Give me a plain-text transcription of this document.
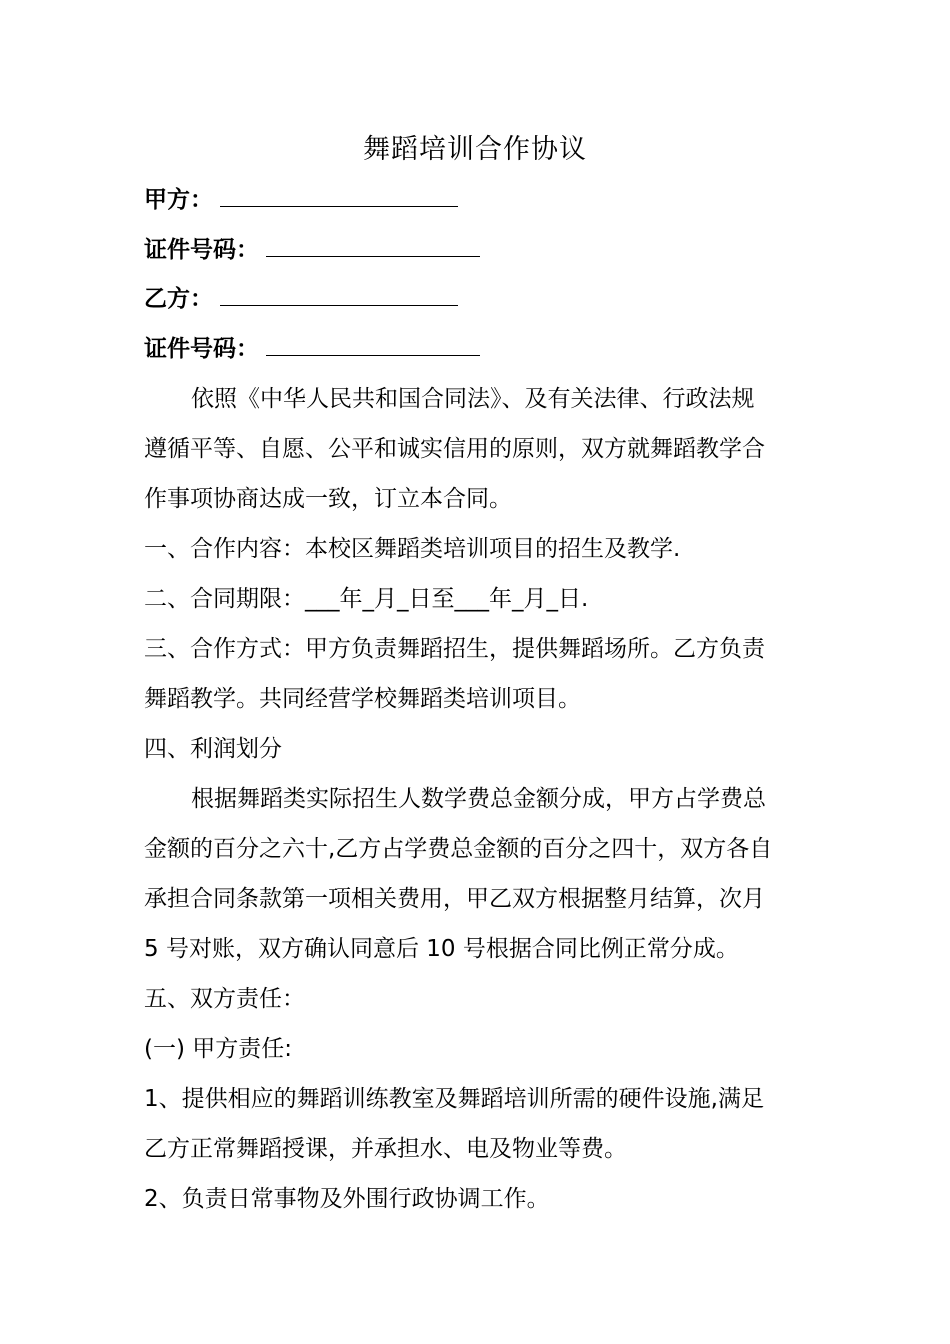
舞蹈培训合作协议
甲方：
证件号码：
乙方：
证件号码：
依照《中华人民共和国合同法》、及有关法律、行政法规
遵循平等、自愿、公平和诚实信用的原则，双方就舞蹈教学合
作事项协商达成一致，订立本合同。
一、合作内容：本校区舞蹈类培训项目的招生及教学.
二、合同期限：___年_月_日至___年_月_日.
三、合作方式：甲方负责舞蹈招生，提供舞蹈场所。乙方负责
舞蹈教学。共同经营学校舞蹈类培训项目。
四、利润划分
根据舞蹈类实际招生人数学费总金额分成，甲方占学费总
金额的百分之六十,乙方占学费总金额的百分之四十，双方各自
承担合同条款第一项相关费用，甲乙双方根据整月结算，次月
5 号对账，双方确认同意后 10 号根据合同比例正常分成。
五、双方责任：
(一) 甲方责任:
1、提供相应的舞蹈训练教室及舞蹈培训所需的硬件设施,满足
乙方正常舞蹈授课，并承担水、电及物业等费。
2、负责日常事物及外围行政协调工作。
